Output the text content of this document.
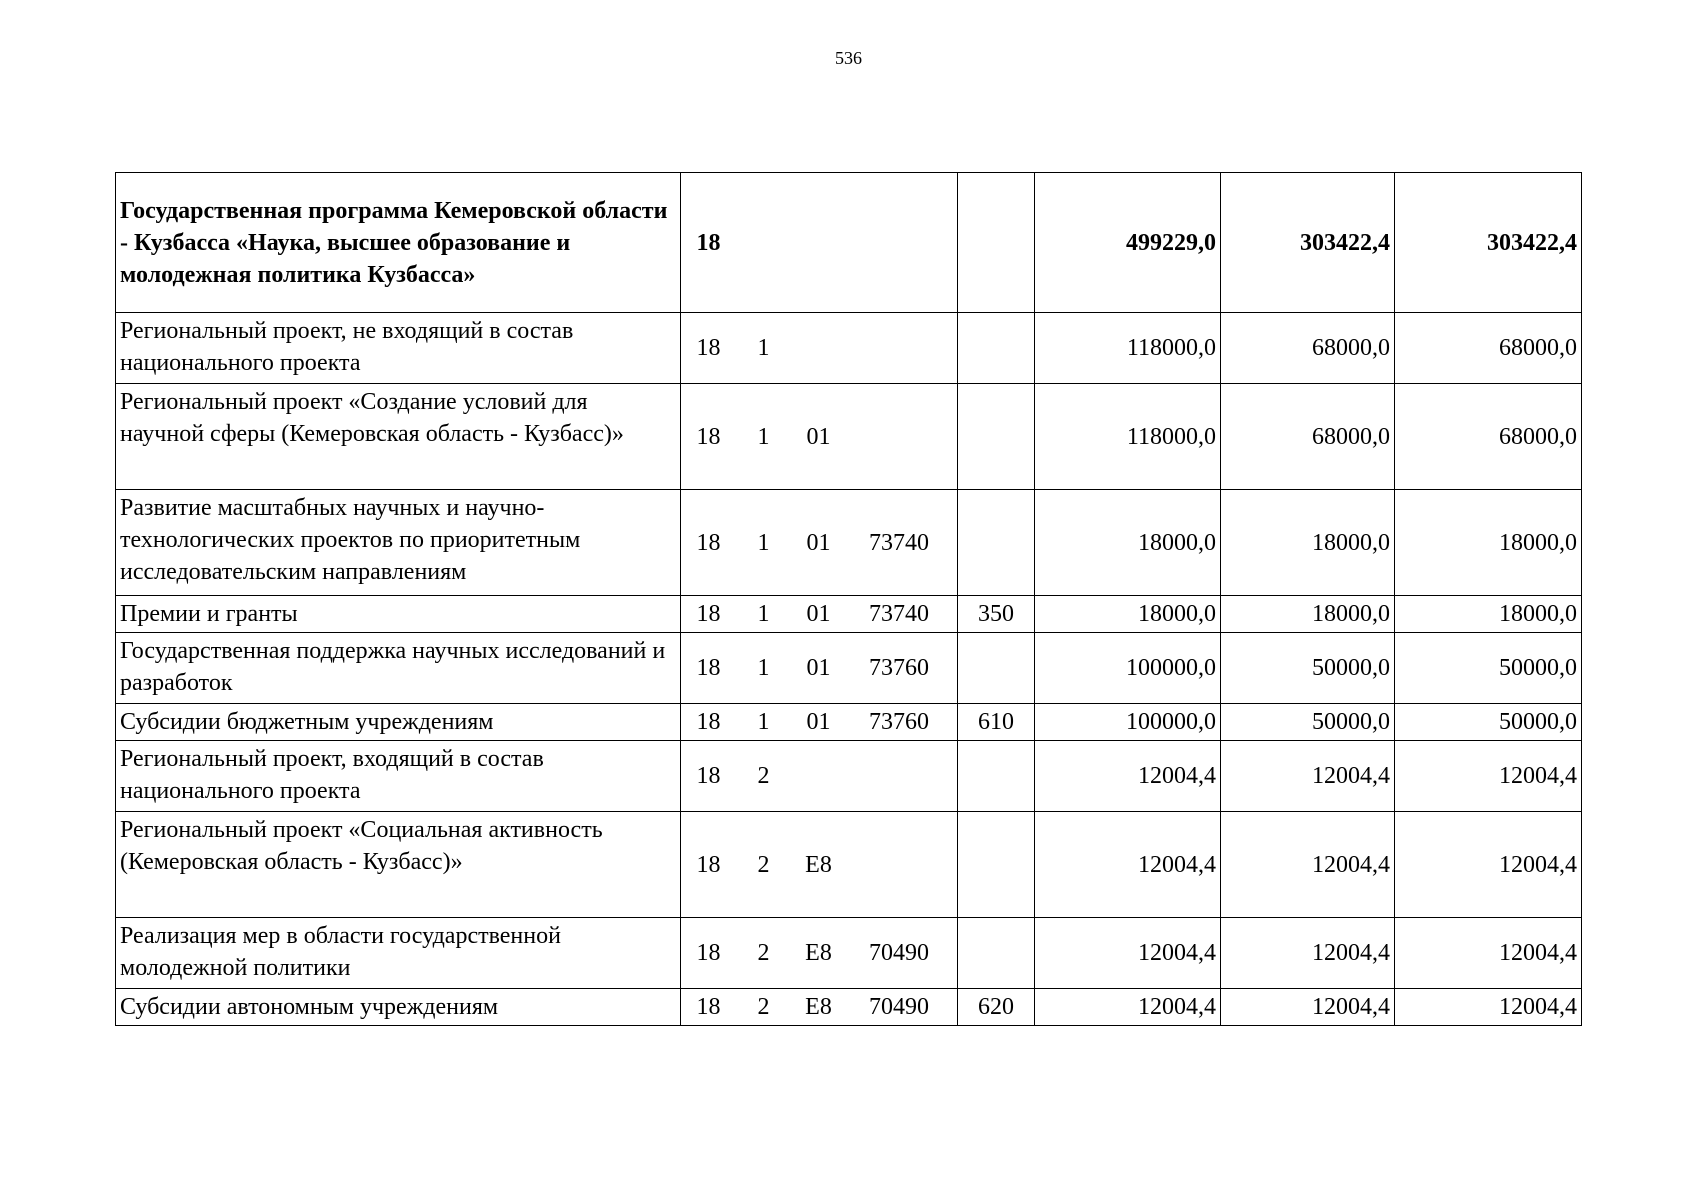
536
Государственная программа Кемеровской области - Кузбасса «Наука, высшее образование и молодежная политика Кузбасса»	18		499229,0	303422,4	303422,4
Региональный проект, не входящий в состав национального проекта	18 1		118000,0	68000,0	68000,0
Региональный проект «Создание условий для научной сферы (Кемеровская область - Кузбасс)»	18 1 01		118000,0	68000,0	68000,0
Развитие масштабных научных и научно-технологических проектов по приоритетным исследовательским направлениям	18 1 01 73740		18000,0	18000,0	18000,0
Премии и гранты	18 1 01 73740	350	18000,0	18000,0	18000,0
Государственная поддержка научных исследований и разработок	18 1 01 73760		100000,0	50000,0	50000,0
Субсидии бюджетным учреждениям	18 1 01 73760	610	100000,0	50000,0	50000,0
Региональный проект, входящий в состав национального проекта	18 2		12004,4	12004,4	12004,4
Региональный проект «Социальная активность (Кемеровская область - Кузбасс)»	18 2 E8		12004,4	12004,4	12004,4
Реализация мер в области государственной молодежной политики	18 2 E8 70490		12004,4	12004,4	12004,4
Субсидии автономным учреждениям	18 2 E8 70490	620	12004,4	12004,4	12004,4
